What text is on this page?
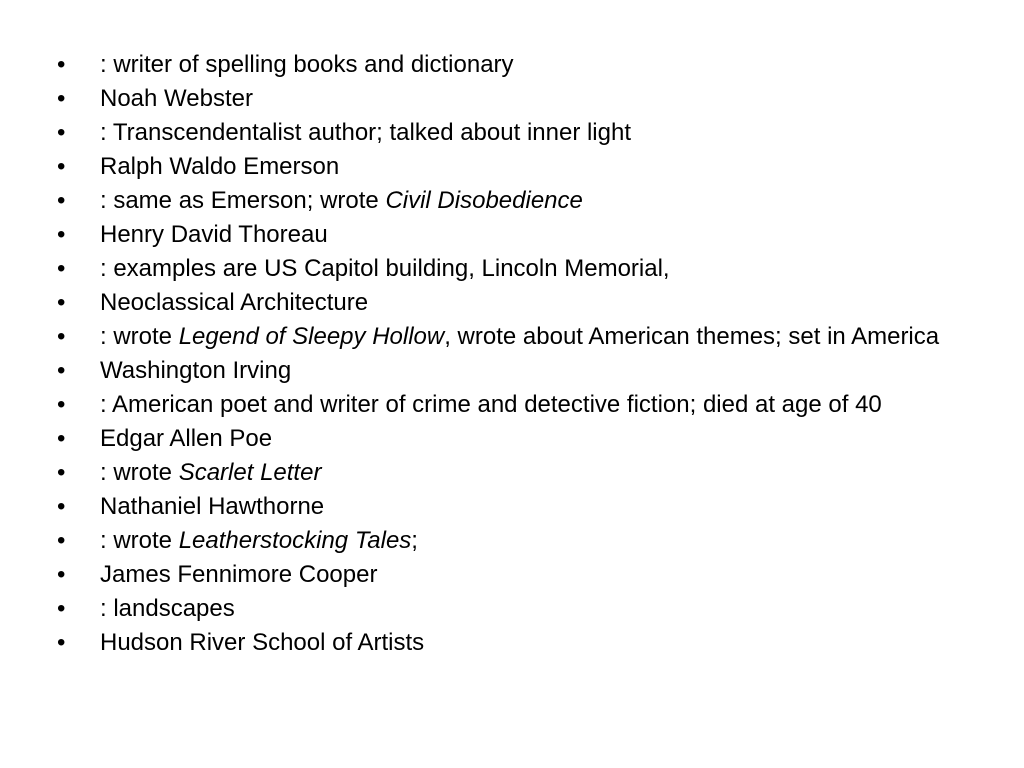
•	: writer of spelling books and dictionary
•	Noah Webster
•	: Transcendentalist author; talked about inner light
•	Ralph Waldo Emerson
•	: same as Emerson; wrote Civil Disobedience
•	Henry David Thoreau
•	: examples are US Capitol building, Lincoln Memorial,
•	Neoclassical Architecture
•	: wrote Legend of Sleepy Hollow, wrote about American themes; set in America
•	Washington Irving
•	: American poet and writer of crime and detective fiction; died at age of 40
•	Edgar Allen Poe
•	: wrote Scarlet Letter
•	Nathaniel Hawthorne
•	: wrote Leatherstocking Tales;
•	James Fennimore Cooper
•	: landscapes
•	Hudson River School of Artists
